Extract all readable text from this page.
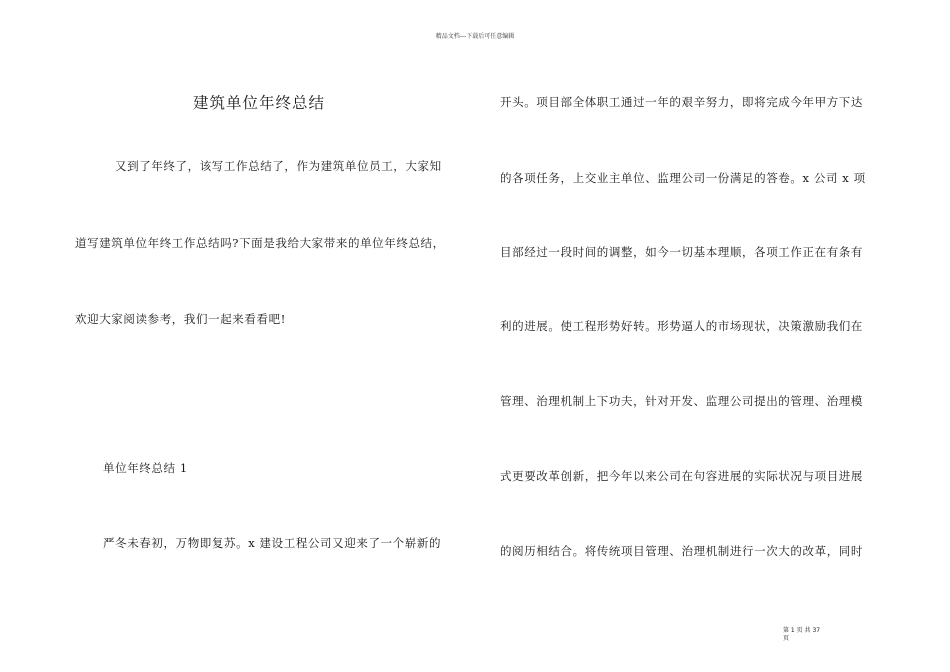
精品文档---下载后可任意编辑
建筑单位年终总结
又到了年终了，该写工作总结了，作为建筑单位员工，大家知
道写建筑单位年终工作总结吗?下面是我给大家带来的单位年终总结，
欢迎大家阅读参考，我们一起来看看吧!
单位年终总结 1
严冬未春初，万物即复苏。x 建设工程公司又迎来了一个崭新的
开头。项目部全体职工通过一年的艰辛努力，即将完成今年甲方下达
的各项任务，上交业主单位、监理公司一份满足的答卷。x 公司 x 项
目部经过一段时间的调整，如今一切基本理顺，各项工作正在有条有
利的进展。使工程形势好转。形势逼人的市场现状，决策激励我们在
管理、治理机制上下功夫，针对开发、监理公司提出的管理、治理模
式更要改革创新，把今年以来公司在句容进展的实际状况与项目进展
的阅历相结合。将传统项目管理、治理机制进行一次大的改革，同时
第 1 页 共 37
页
